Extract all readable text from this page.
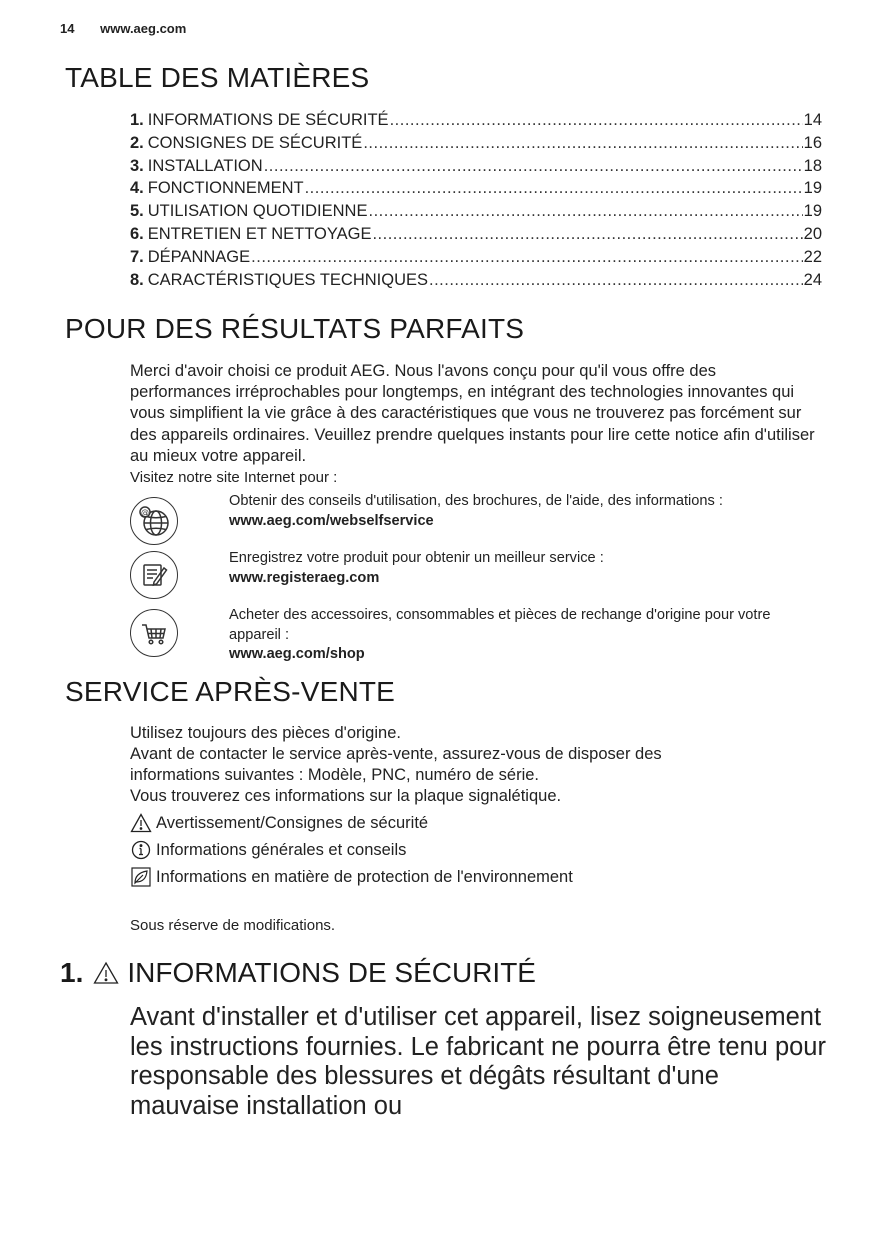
14 www.aeg.com
TABLE DES MATIÈRES
1. INFORMATIONS DE SÉCURITÉ .....	14
2. CONSIGNES DE SÉCURITÉ .....	16
3. INSTALLATION .....	18
4. FONCTIONNEMENT .....	19
5. UTILISATION QUOTIDIENNE .....	19
6. ENTRETIEN ET NETTOYAGE .....	20
7. DÉPANNAGE .....	22
8. CARACTÉRISTIQUES TECHNIQUES .....	24
POUR DES RÉSULTATS PARFAITS
Merci d'avoir choisi ce produit AEG. Nous l'avons conçu pour qu'il vous offre des performances irréprochables pour longtemps, en intégrant des technologies innovantes qui vous simplifient la vie grâce à des caractéristiques que vous ne trouverez pas forcément sur des appareils ordinaires. Veuillez prendre quelques instants pour lire cette notice afin d'utiliser au mieux votre appareil.
Visitez notre site Internet pour :
@
Obtenir des conseils d'utilisation, des brochures, de l'aide, des informations :
www.aeg.com/webselfservice
Enregistrez votre produit pour obtenir un meilleur service :
www.registeraeg.com
Acheter des accessoires, consommables et pièces de rechange d'origine pour votre appareil :
www.aeg.com/shop
SERVICE APRÈS-VENTE
Utilisez toujours des pièces d'origine.
Avant de contacter le service après-vente, assurez-vous de disposer des informations suivantes : Modèle, PNC, numéro de série.
Vous trouverez ces informations sur la plaque signalétique.
Avertissement/Consignes de sécurité
Informations générales et conseils
Informations en matière de protection de l'environnement
Sous réserve de modifications.
1. INFORMATIONS DE SÉCURITÉ
Avant d'installer et d'utiliser cet appareil, lisez soigneusement les instructions fournies. Le fabricant ne pourra être tenu pour responsable des blessures et dégâts résultant d'une mauvaise installation ou
